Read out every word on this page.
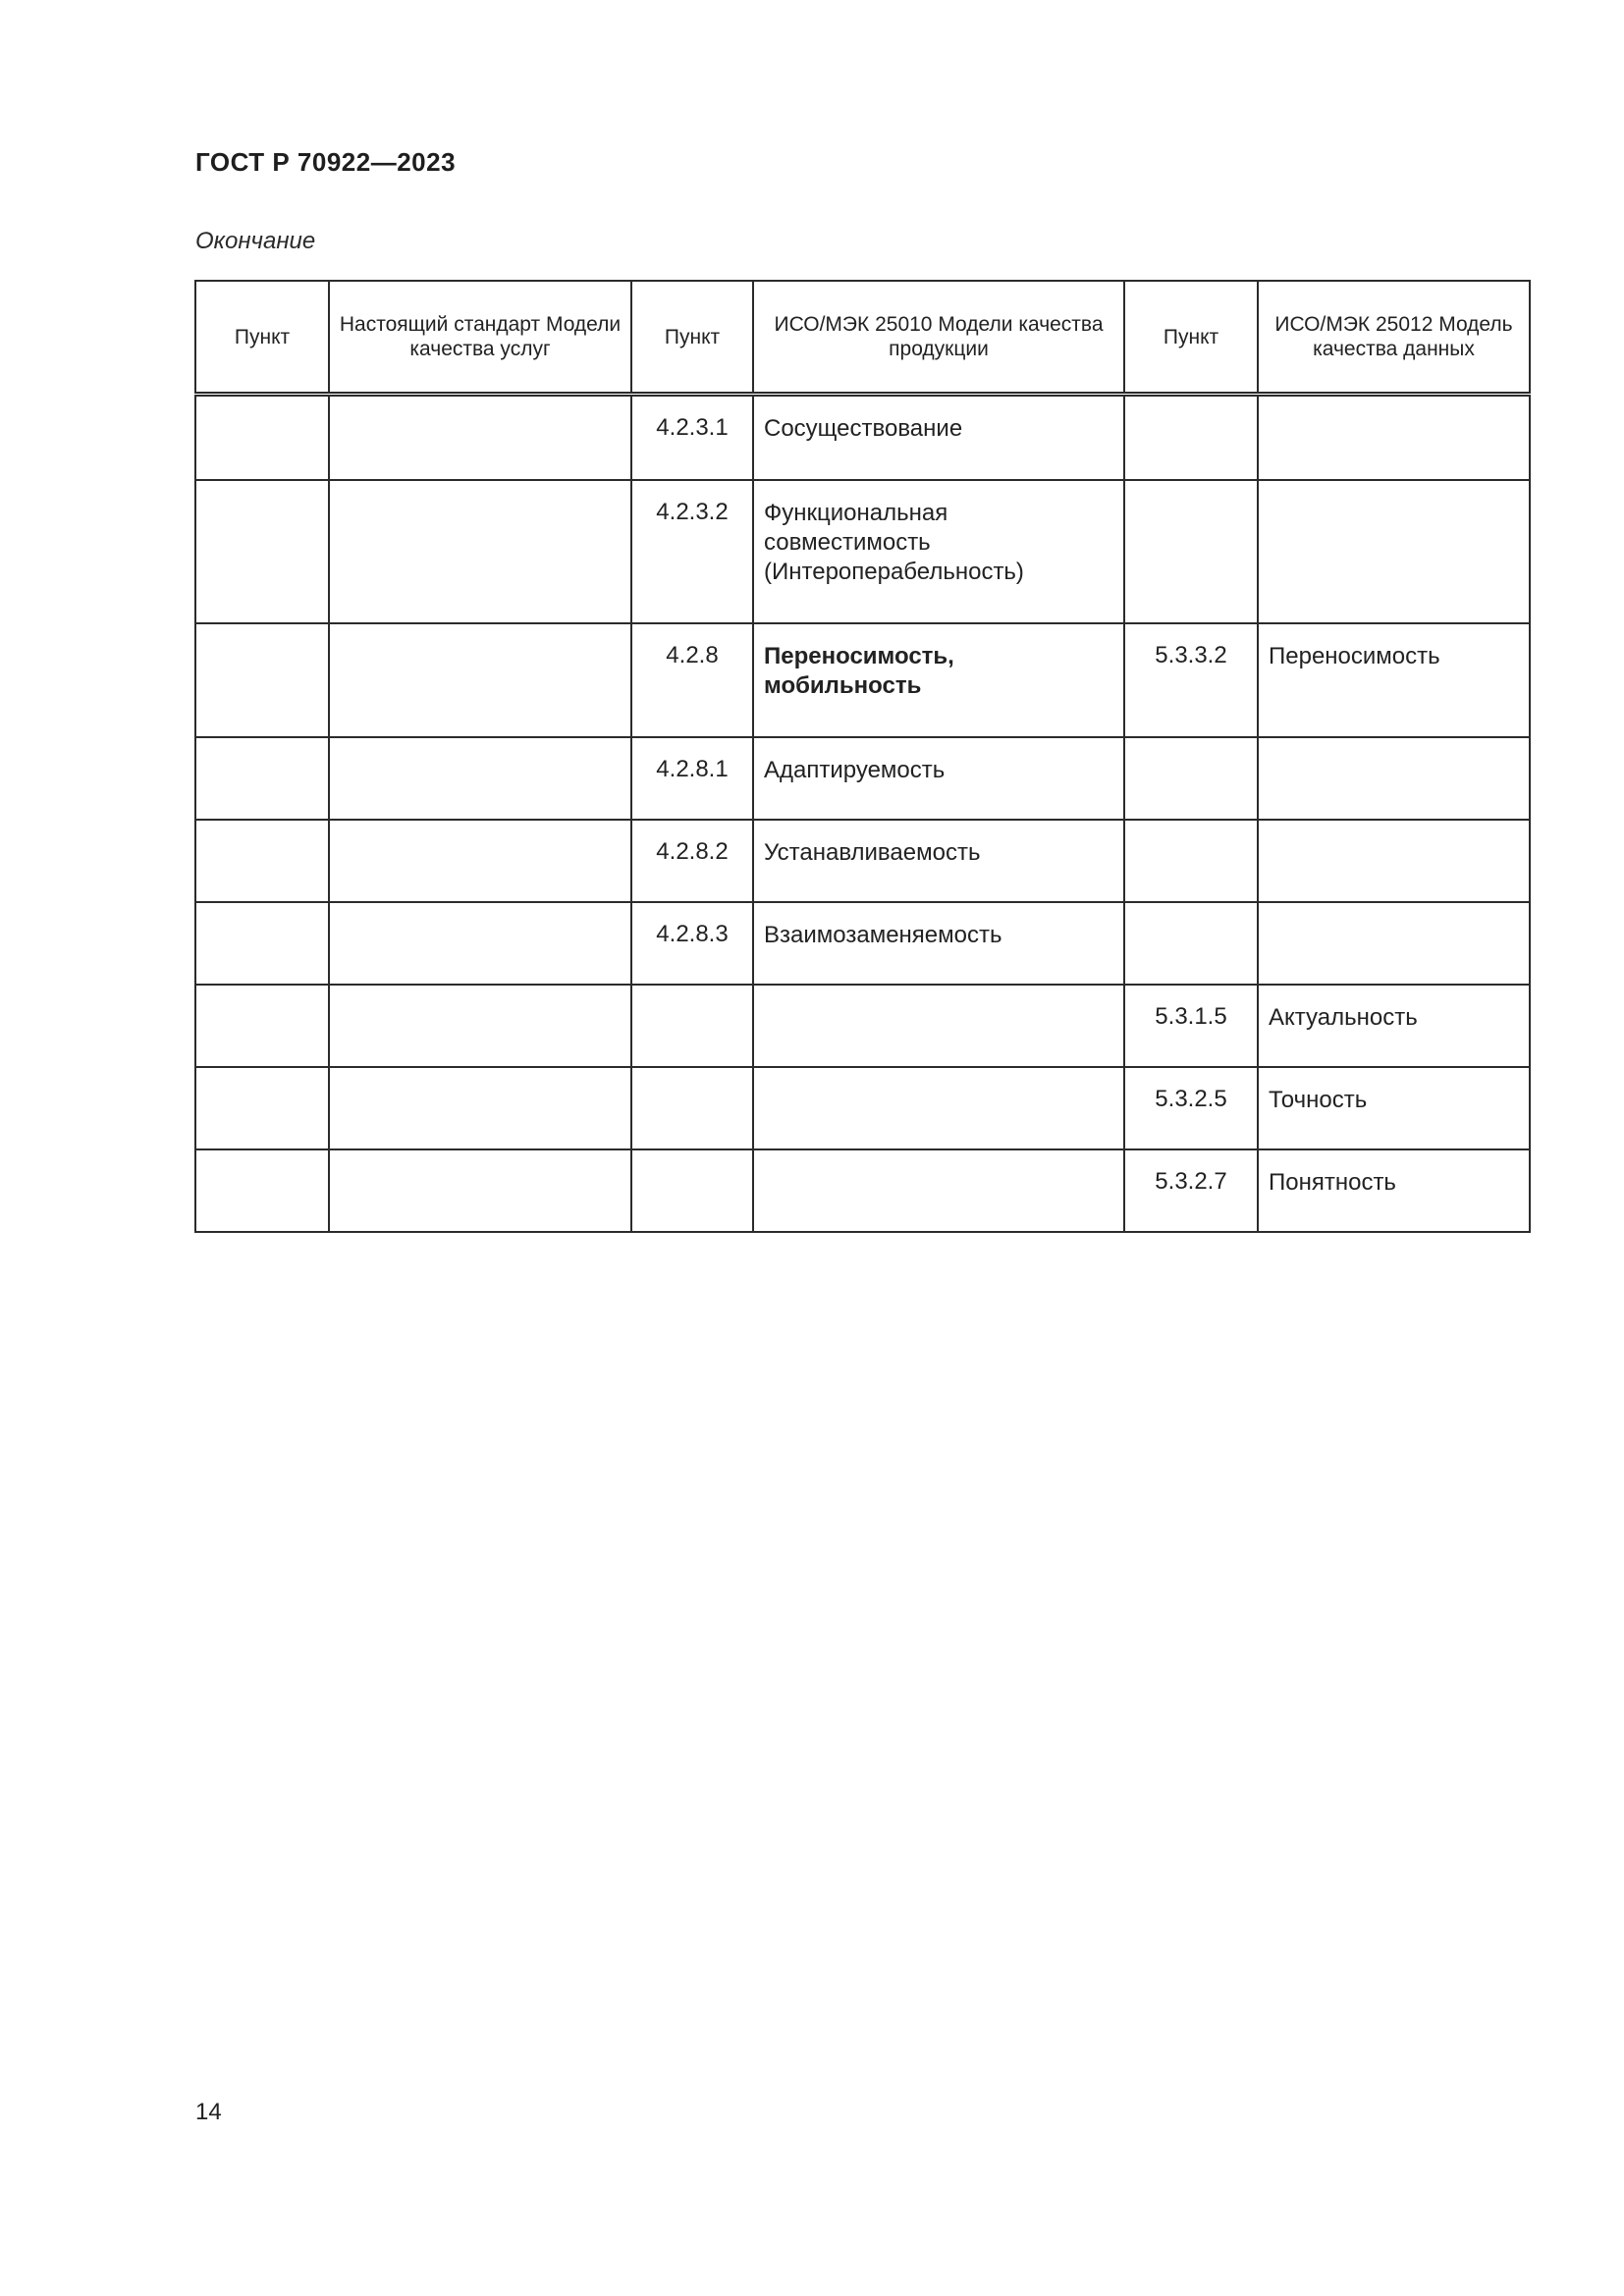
ГОСТ Р 70922—2023
Окончание
Пункт	Настоящий стандарт Модели качества услуг	Пункт	ИСО/МЭК 25010 Модели качества продукции	Пункт	ИСО/МЭК 25012 Модель качества данных
		4.2.3.1	Сосуществование		
		4.2.3.2	Функциональная совместимость (Интероперабельность)		
		4.2.8	Переносимость, мобильность	5.3.3.2	Переносимость
		4.2.8.1	Адаптируемость		
		4.2.8.2	Устанавливаемость		
		4.2.8.3	Взаимозаменяемость		
				5.3.1.5	Актуальность
				5.3.2.5	Точность
				5.3.2.7	Понятность
14
